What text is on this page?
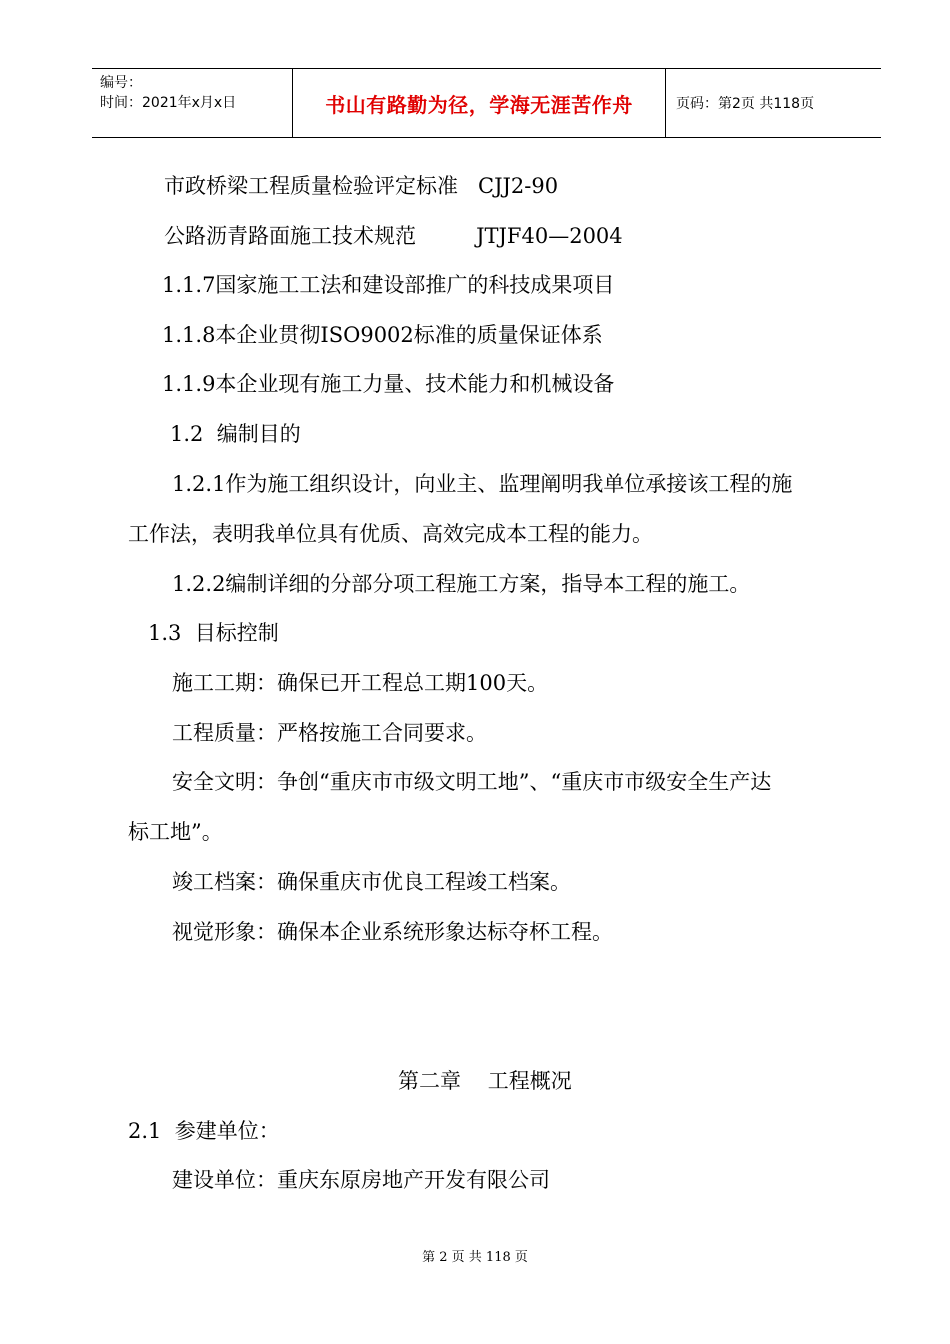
编号：
时间：2021年x月x日	书山有路勤为径，学海无涯苦作舟	页码：第2页 共118页
市政桥梁工程质量检验评定标准   CJJ2-90
公路沥青路面施工技术规范         JTJF40—2004
1.1.7国家施工工法和建设部推广的科技成果项目
1.1.8本企业贯彻ISO9002标准的质量保证体系
1.1.9本企业现有施工力量、技术能力和机械设备
1.2  编制目的
1.2.1作为施工组织设计，向业主、监理阐明我单位承接该工程的施
工作法，表明我单位具有优质、高效完成本工程的能力。
1.2.2编制详细的分部分项工程施工方案，指导本工程的施工。
1.3  目标控制
施工工期：确保已开工程总工期100天。
工程质量：严格按施工合同要求。
安全文明：争创“重庆市市级文明工地”、“重庆市市级安全生产达
标工地”。
竣工档案：确保重庆市优良工程竣工档案。
视觉形象：确保本企业系统形象达标夺杯工程。
第二章    工程概况
2.1  参建单位：
建设单位：重庆东原房地产开发有限公司
第 2 页 共 118 页
